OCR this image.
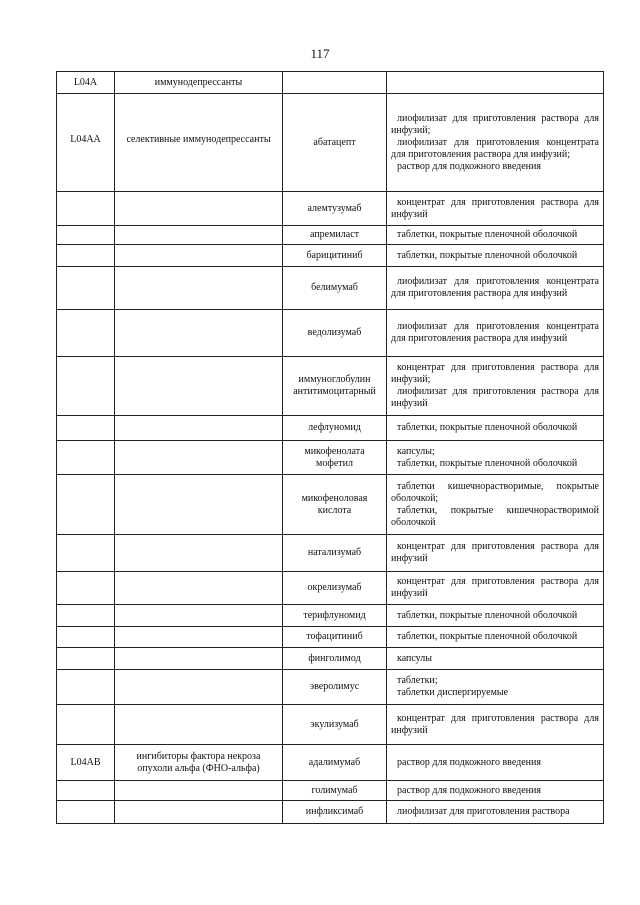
117
L04A	иммунодепрессанты		
L04AA	селективные иммунодепрессанты	абатацепт	лиофилизат для приготовления раствора для инфузий;
лиофилизат для приготовления концентрата для приготовления раствора для инфузий;
раствор для подкожного введения

		алемтузумаб	концентрат для приготовления раствора для инфузий

		апремиласт	таблетки, покрытые пленочной оболочкой

		барицитиниб	таблетки, покрытые пленочной оболочкой

		белимумаб	лиофилизат для приготовления концентрата для приготовления раствора для инфузий

		ведолизумаб	лиофилизат для приготовления концентрата для приготовления раствора для инфузий

		иммуноглобулин антитимоцитарный	концентрат для приготовления раствора для инфузий;
лиофилизат для приготовления раствора для инфузий

		лефлуномид	таблетки, покрытые пленочной оболочкой

		микофенолата мофетил	капсулы;
таблетки, покрытые пленочной оболочкой

		микофеноловая кислота	таблетки кишечнорастворимые, покрытые оболочкой;
таблетки, покрытые кишечнорастворимой оболочкой

		натализумаб	концентрат для приготовления раствора для инфузий

		окрелизумаб	концентрат для приготовления раствора для инфузий

		терифлуномид	таблетки, покрытые пленочной оболочкой

		тофацитиниб	таблетки, покрытые пленочной оболочкой

		финголимод	капсулы

		эверолимус	таблетки;
таблетки диспергируемые

		экулизумаб	концентрат для приготовления раствора для инфузий

L04AB	ингибиторы фактора некроза опухоли альфа (ФНО-альфа)	адалимумаб	раствор для подкожного введения

		голимумаб	раствор для подкожного введения

		инфликсимаб	лиофилизат для приготовления раствора
